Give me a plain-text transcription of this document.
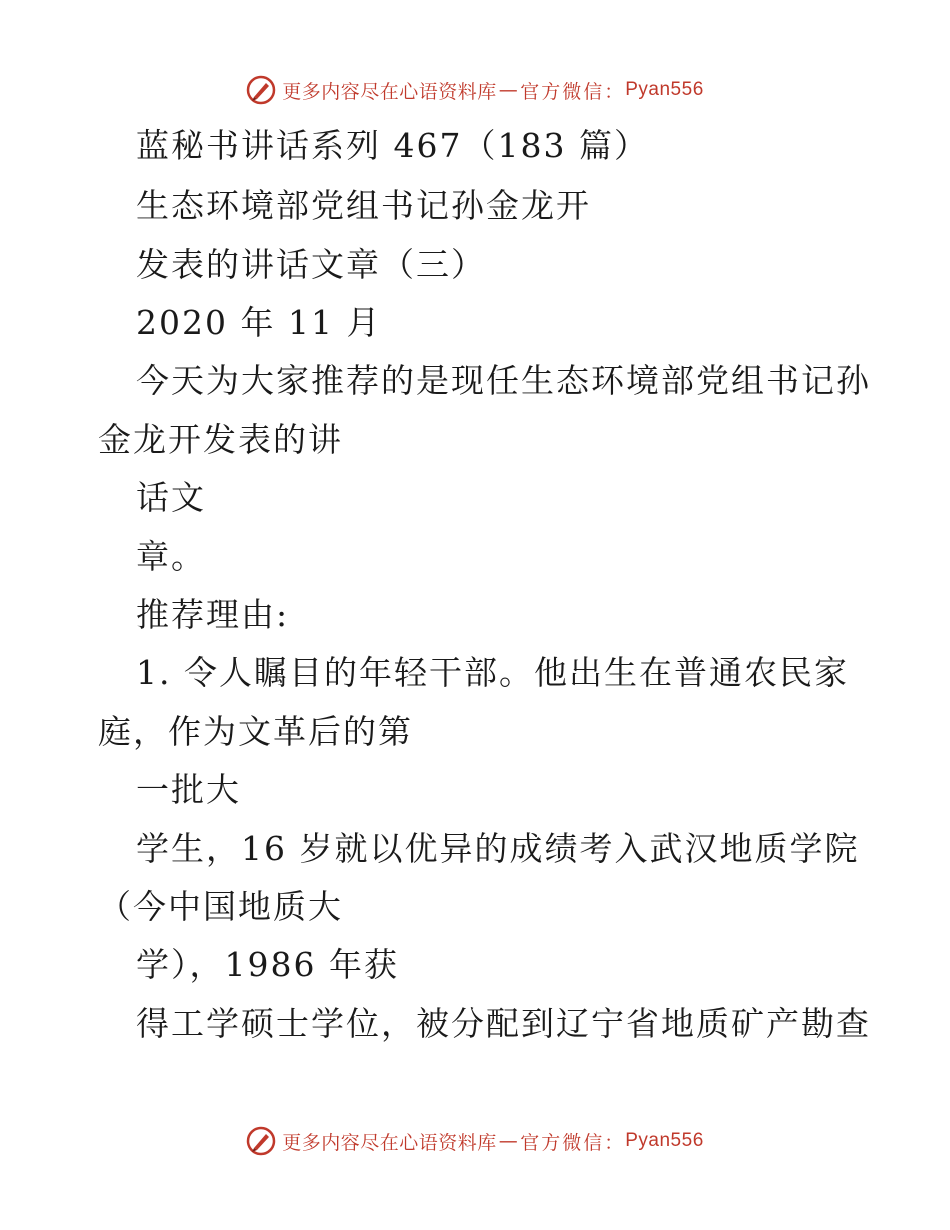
更多内容尽在心语资料库 — 官方微信： Pyan556
蓝秘书讲话系列 467（183 篇）
生态环境部党组书记孙金龙开
发表的讲话文章（三）
2020 年 11 月
今天为大家推荐的是现任生态环境部党组书记孙
金龙开发表的讲
话文
章。
推荐理由:
1. 令人瞩目的年轻干部。他出生在普通农民家
庭，作为文革后的第
一批大
学生，16 岁就以优异的成绩考入武汉地质学院
（今中国地质大
学），1986 年获
得工学硕士学位，被分配到辽宁省地质矿产勘查
更多内容尽在心语资料库 — 官方微信： Pyan556
